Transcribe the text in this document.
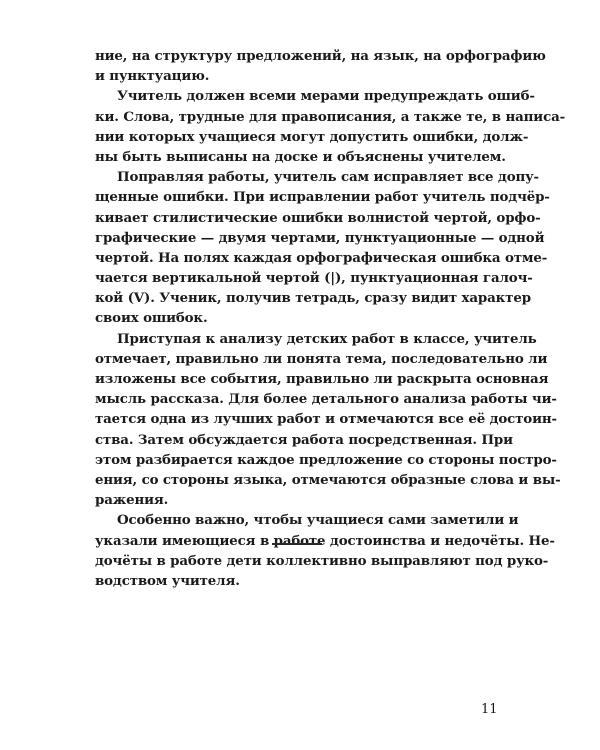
ние, на структуру предложений, на язык, на орфографию
и пунктуацию.
Учитель должен всеми мерами предупреждать ошиб-
ки. Слова, трудные для правописания, а также те, в написа-
нии которых учащиеся могут допустить ошибки, долж-
ны быть выписаны на доске и объяснены учителем.
Поправляя работы, учитель сам исправляет все допу-
щенные ошибки. При исправлении работ учитель подчёр-
кивает стилистические ошибки волнистой чертой, орфо-
графические — двумя чертами, пунктуационные — одной
чертой. На полях каждая орфографическая ошибка отме-
чается вертикальной чертой (|), пунктуационная галоч-
кой (V). Ученик, получив тетрадь, сразу видит характер
своих ошибок.
Приступая к анализу детских работ в классе, учитель
отмечает, правильно ли понята тема, последовательно ли
изложены все события, правильно ли раскрыта основная
мысль рассказа. Для более детального анализа работы чи-
тается одна из лучших работ и отмечаются все её достоин-
ства. Затем обсуждается работа посредственная. При
этом разбирается каждое предложение со стороны постро-
ения, со стороны языка, отмечаются образные слова и вы-
ражения.
Особенно важно, чтобы учащиеся сами заметили и
указали имеющиеся в работе достоинства и недочёты. Не-
дочёты в работе дети коллективно выправляют под руко-
водством учителя.
11
